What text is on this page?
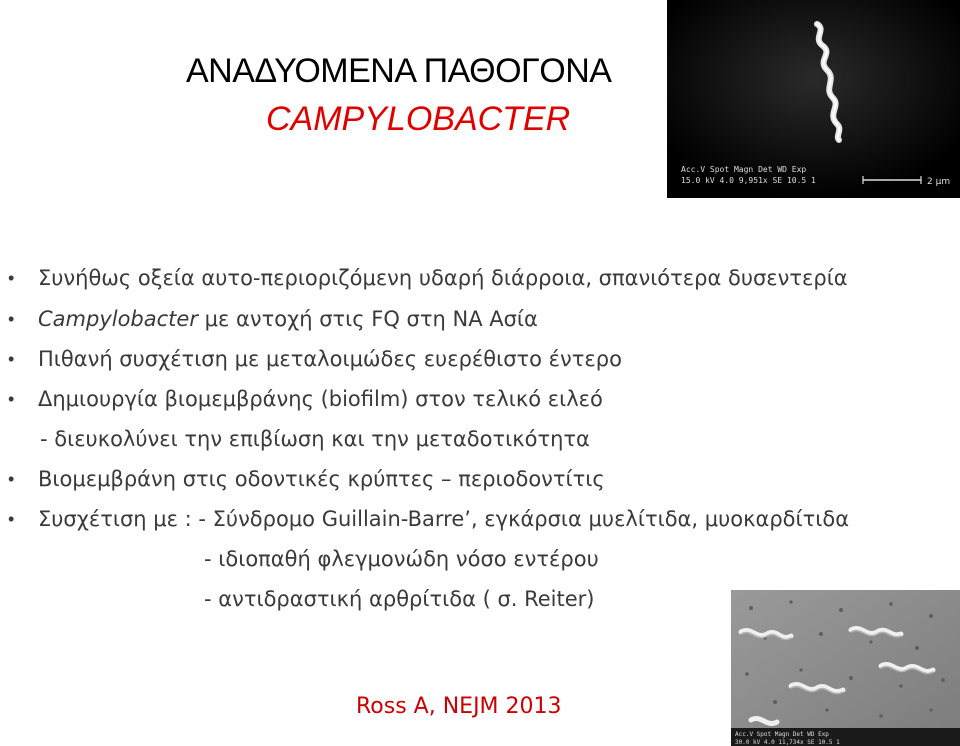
ΑΝΑΔΥΟΜΕΝΑ ΠΑΘΟΓΟΝΑ
CAMPYLOBACTER
Acc.V Spot Magn Det WD Exp
15.0 kV 4.0 9,951x SE 10.5 1	2 μm
• Συνήθως οξεία αυτο-περιοριζόμενη υδαρή διάρροια, σπανιότερα δυσεντερία
• Campylobacter με αντοχή στις FQ στη ΝΑ Ασία
• Πιθανή συσχέτιση με μεταλοιμώδες ευερέθιστο έντερο
• Δημιουργία βιομεμβράνης (biofilm) στον τελικό ειλεό
- διευκολύνει την επιβίωση και την μεταδοτικότητα
• Βιομεμβράνη στις οδοντικές κρύπτες – περιοδοντίτις
• Συσχέτιση με : - Σύνδρομο Guillain-Barre’, εγκάρσια μυελίτιδα, μυοκαρδίτιδα
- ιδιοπαθή φλεγμονώδη νόσο εντέρου
- αντιδραστική αρθρίτιδα ( σ. Reiter)
Acc.V Spot Magn Det WD Exp
30.0 kV 4.0 11,734x SE 10.5 1
Ross A, NEJM 2013
